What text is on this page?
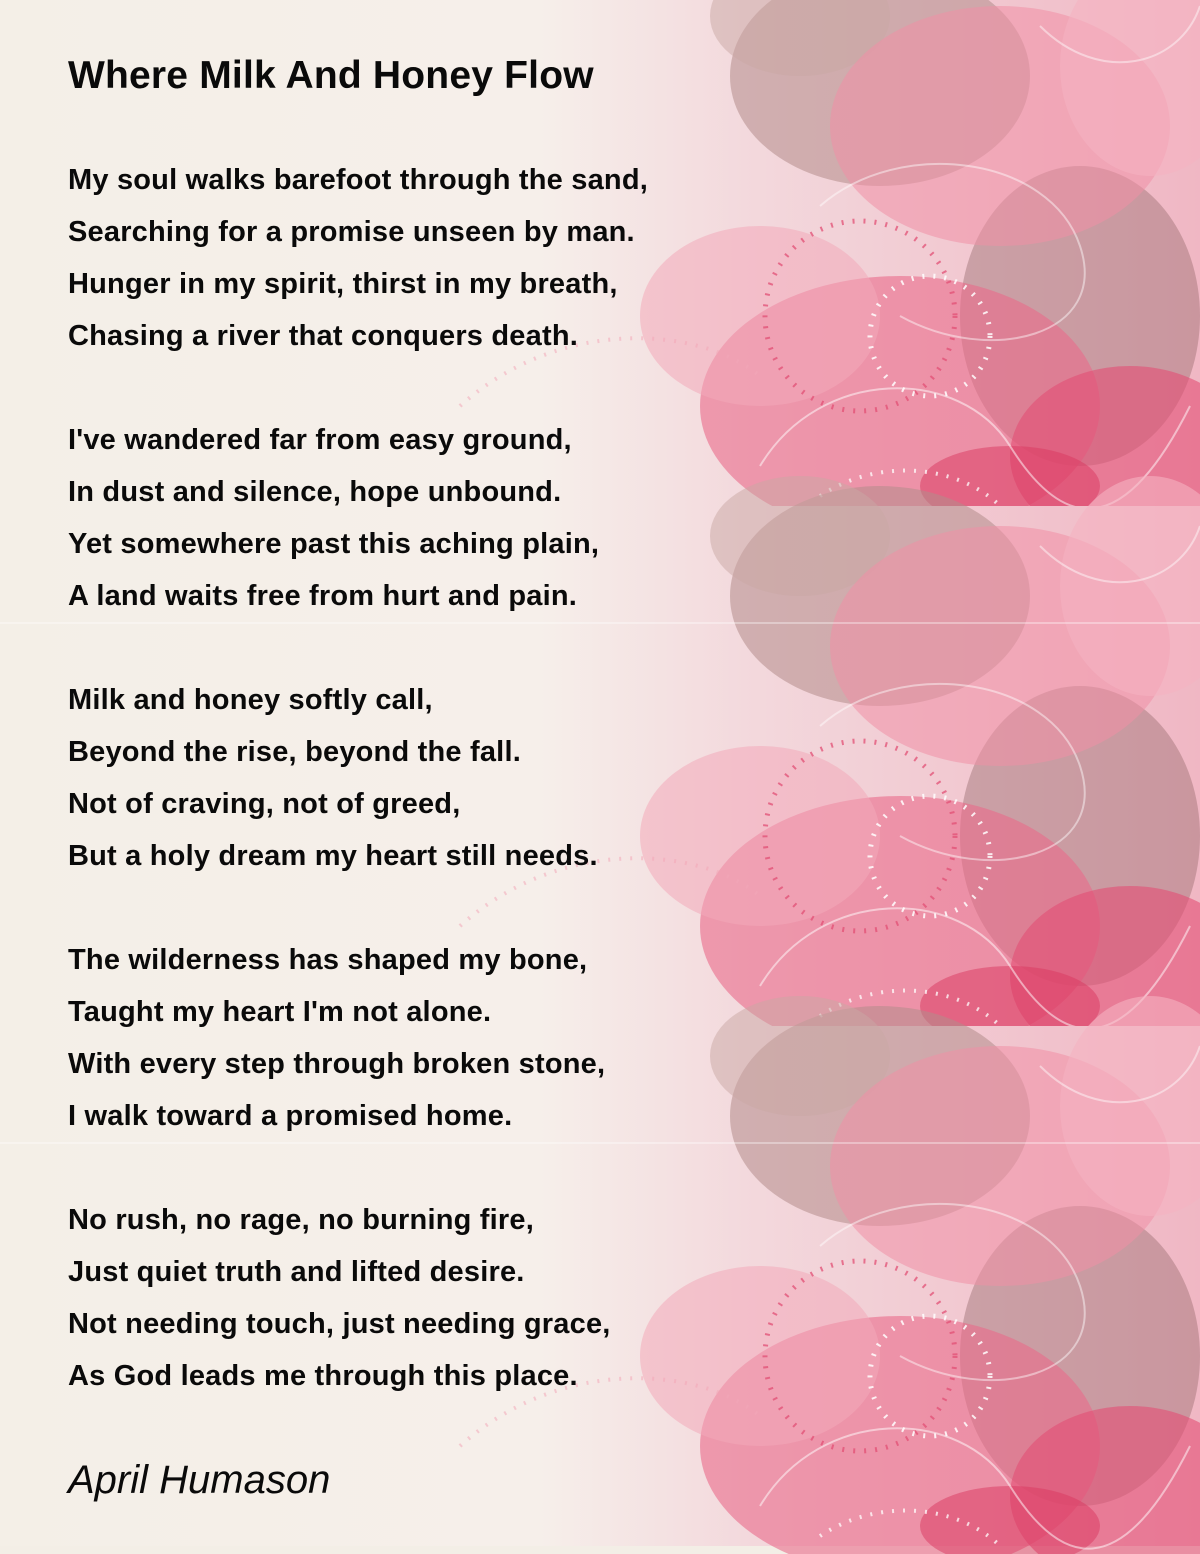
Where Milk And Honey Flow
My soul walks barefoot through the sand,
Searching for a promise unseen by man.
Hunger in my spirit, thirst in my breath,
Chasing a river that conquers death.
I've wandered far from easy ground,
In dust and silence, hope unbound.
Yet somewhere past this aching plain,
A land waits free from hurt and pain.
Milk and honey softly call,
Beyond the rise, beyond the fall.
Not of craving, not of greed,
But a holy dream my heart still needs.
The wilderness has shaped my bone,
Taught my heart I'm not alone.
With every step through broken stone,
I walk toward a promised home.
No rush, no rage, no burning fire,
Just quiet truth and lifted desire.
Not needing touch, just needing grace,
As God leads me through this place.
April Humason
